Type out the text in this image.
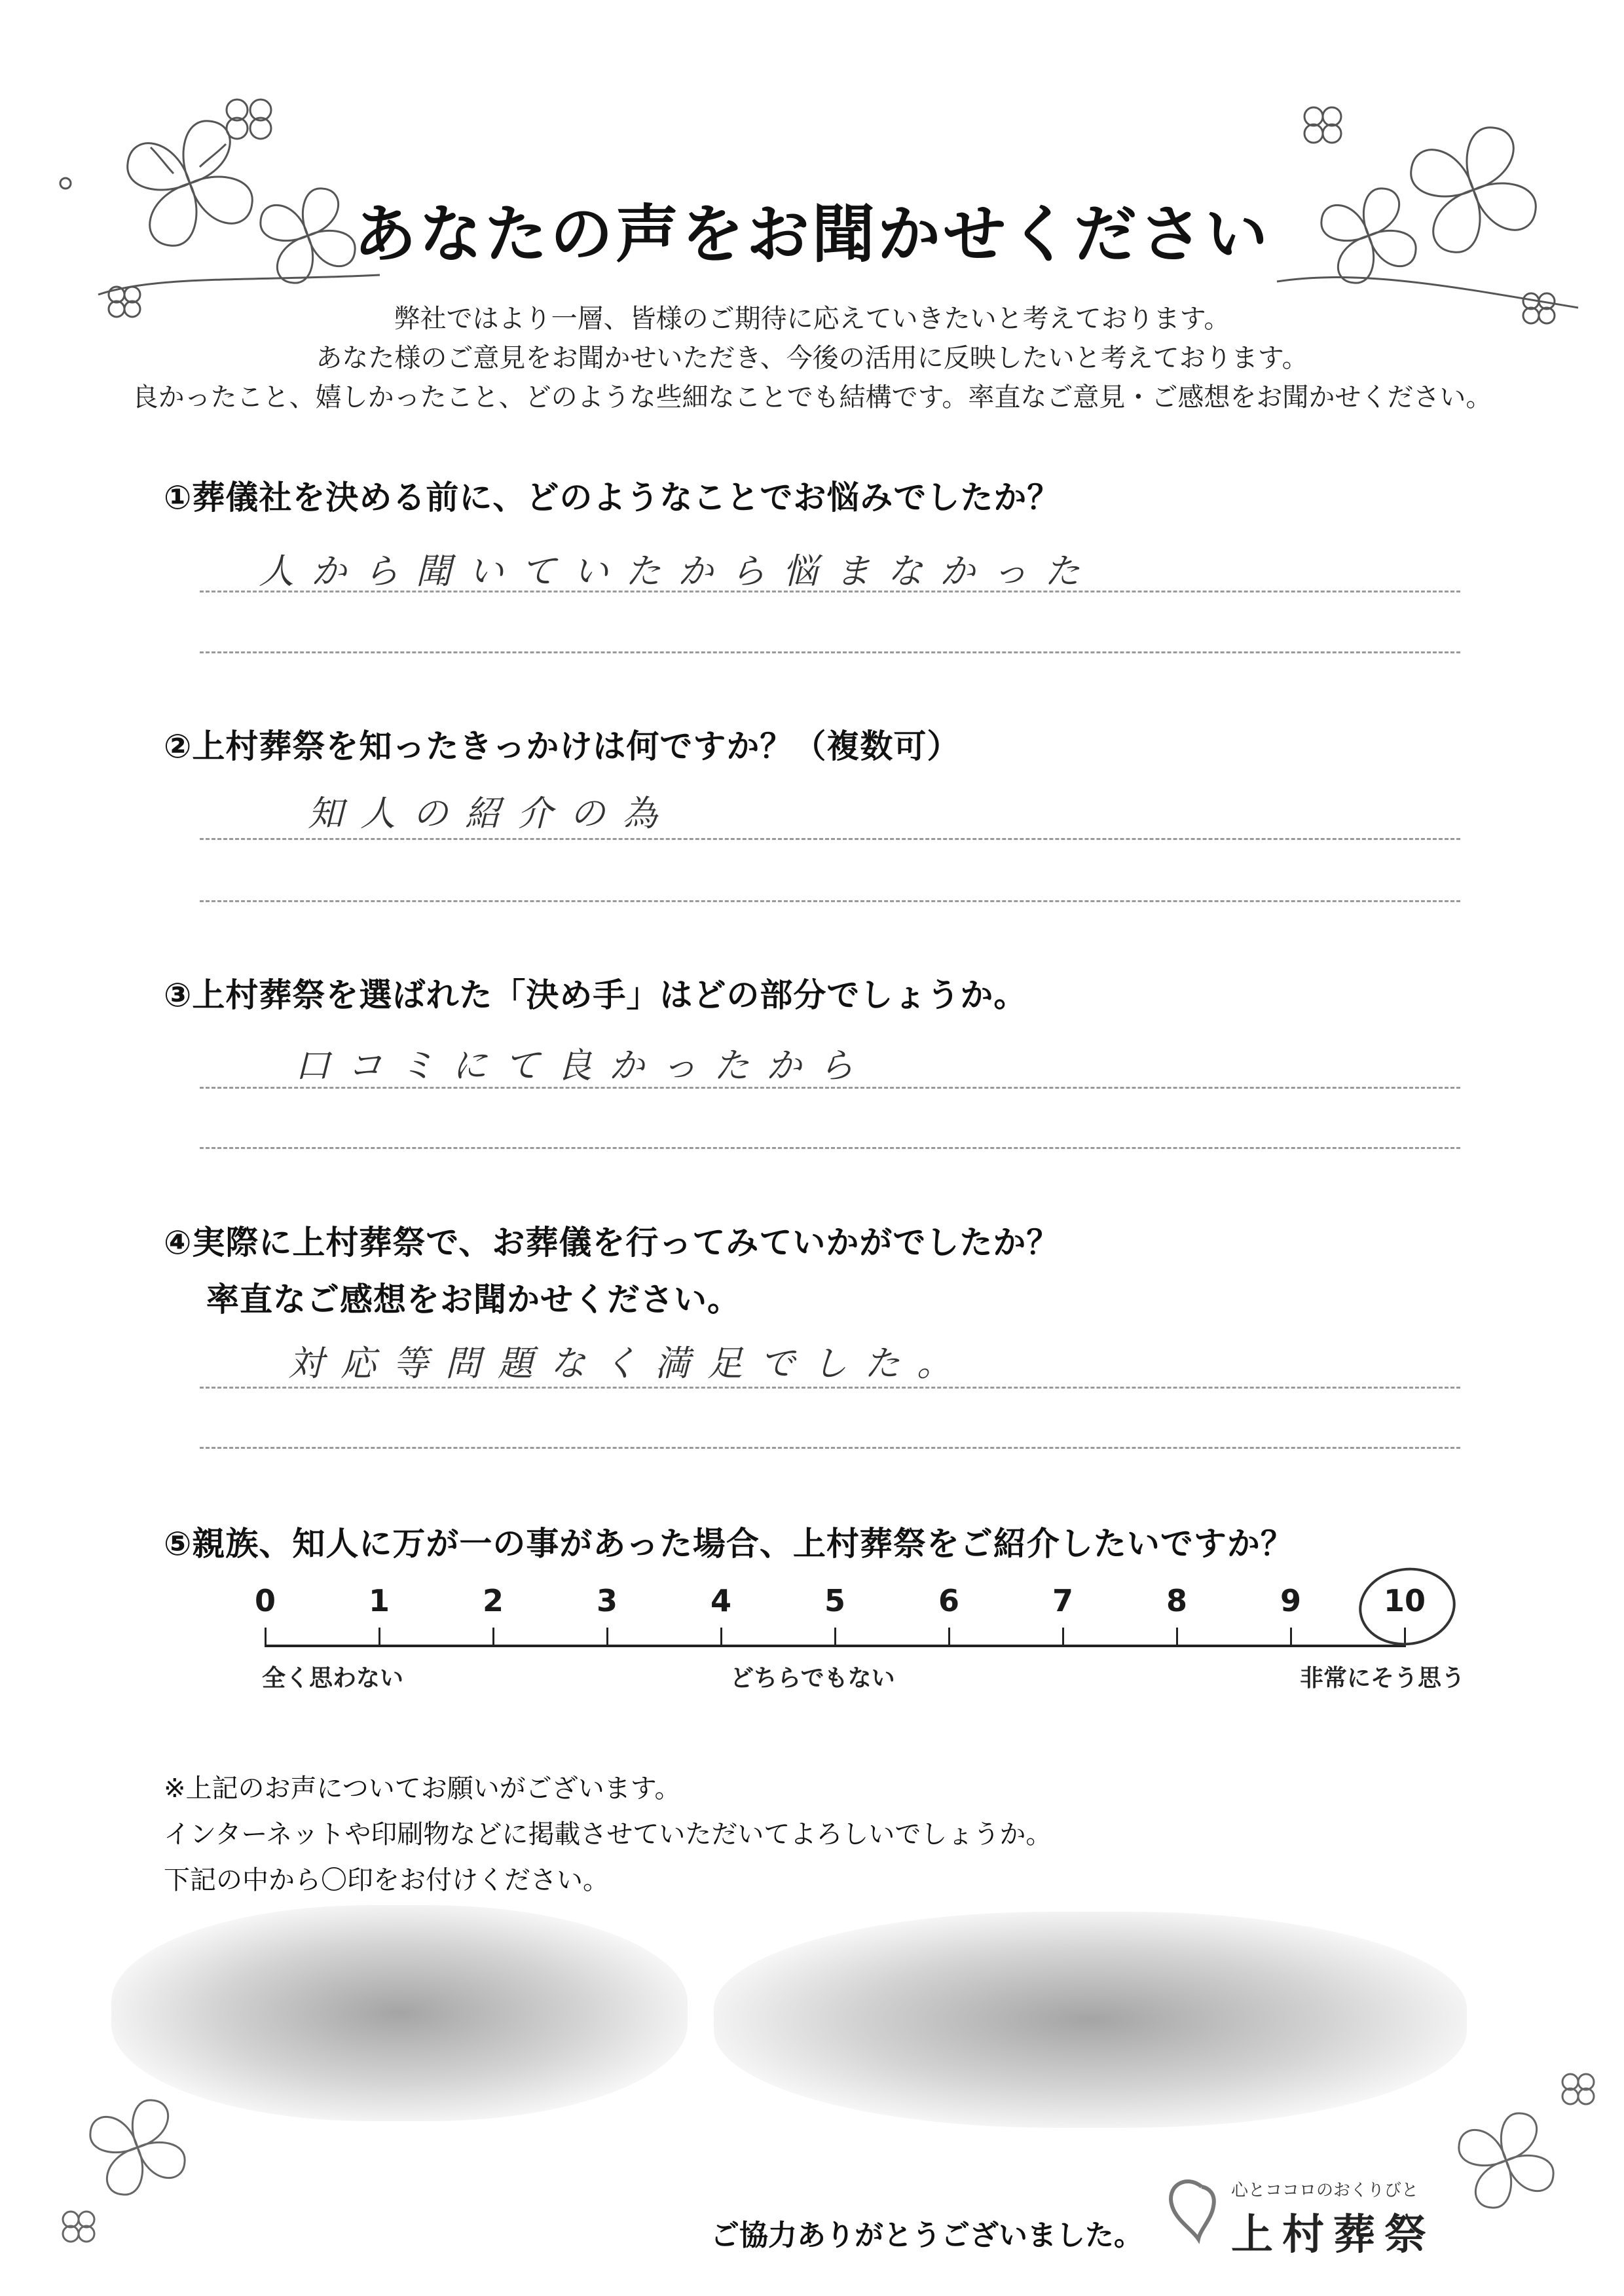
あなたの声をお聞かせください
弊社ではより一層、皆様のご期待に応えていきたいと考えております。
あなた様のご意見をお聞かせいただき、今後の活用に反映したいと考えております。
良かったこと、嬉しかったこと、どのような些細なことでも結構です。率直なご意見・ご感想をお聞かせください。
①葬儀社を決める前に、どのようなことでお悩みでしたか？
人から聞いていたから悩まなかった
②上村葬祭を知ったきっかけは何ですか？（複数可）
知人の紹介の為
③上村葬祭を選ばれた「決め手」はどの部分でしょうか。
口コミにて良かったから
④実際に上村葬祭で、お葬儀を行ってみていかがでしたか？
率直なご感想をお聞かせください。
対応等問題なく満足でした。
⑤親族、知人に万が一の事があった場合、上村葬祭をご紹介したいですか？
0	1	2	3	4	5	6	7	8	9	10
全く思わない	どちらでもない	非常にそう思う
※上記のお声についてお願いがございます。
インターネットや印刷物などに掲載させていただいてよろしいでしょうか。
下記の中から〇印をお付けください。
ご協力ありがとうございました。
心とココロのおくりびと
上村葬祭
